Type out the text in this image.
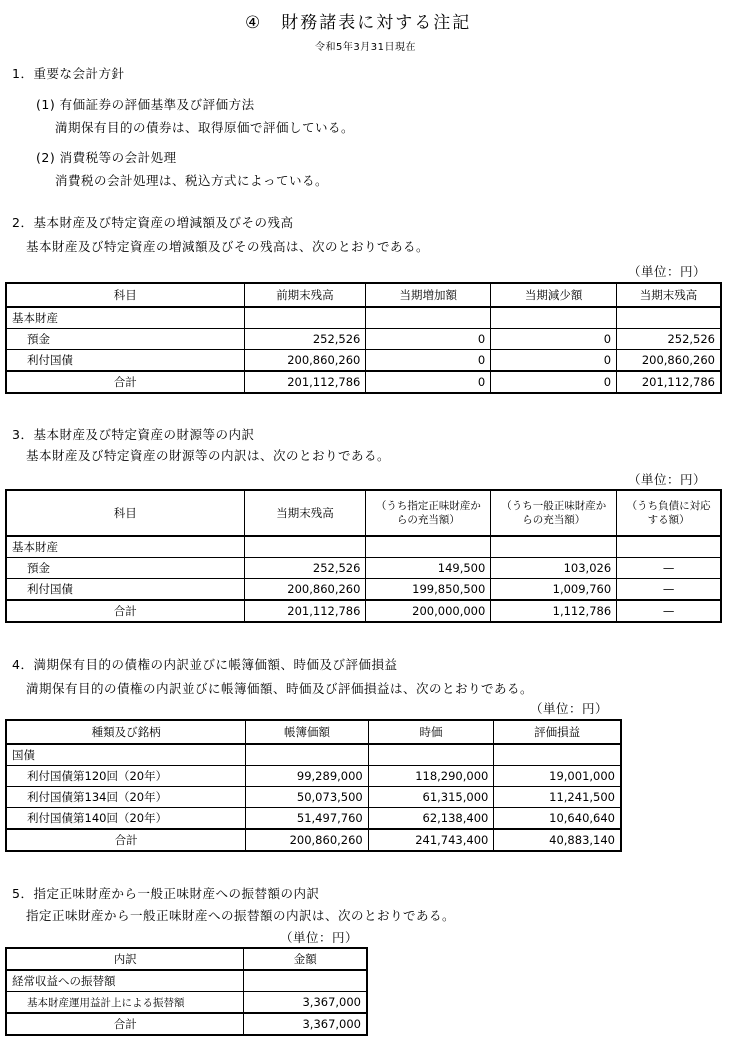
④　財務諸表に対する注記
令和5年3月31日現在
1．重要な会計方針
(1) 有価証券の評価基準及び評価方法
満期保有目的の債券は、取得原価で評価している。
(2) 消費税等の会計処理
消費税の会計処理は、税込方式によっている。
2．基本財産及び特定資産の増減額及びその残高
基本財産及び特定資産の増減額及びその残高は、次のとおりである。
（単位：円）
科目	前期末残高	当期増加額	当期減少額	当期末残高
基本財産				
預金	252,526	0	0	252,526
利付国債	200,860,260	0	0	200,860,260
合計	201,112,786	0	0	201,112,786
3．基本財産及び特定資産の財源等の内訳
基本財産及び特定資産の財源等の内訳は、次のとおりである。
（単位：円）
科目	当期末残高	（うち指定正味財産からの充当額）	（うち一般正味財産からの充当額）	（うち負債に対応する額）
基本財産				
預金	252,526	149,500	103,026	—
利付国債	200,860,260	199,850,500	1,009,760	—
合計	201,112,786	200,000,000	1,112,786	—
4．満期保有目的の債権の内訳並びに帳簿価額、時価及び評価損益
満期保有目的の債権の内訳並びに帳簿価額、時価及び評価損益は、次のとおりである。
（単位：円）
種類及び銘柄	帳簿価額	時価	評価損益
国債			
利付国債第120回（20年）	99,289,000	118,290,000	19,001,000
利付国債第134回（20年）	50,073,500	61,315,000	11,241,500
利付国債第140回（20年）	51,497,760	62,138,400	10,640,640
合計	200,860,260	241,743,400	40,883,140
5．指定正味財産から一般正味財産への振替額の内訳
指定正味財産から一般正味財産への振替額の内訳は、次のとおりである。
（単位：円）
内訳	金額
経常収益への振替額	
基本財産運用益計上による振替額	3,367,000
合計	3,367,000
